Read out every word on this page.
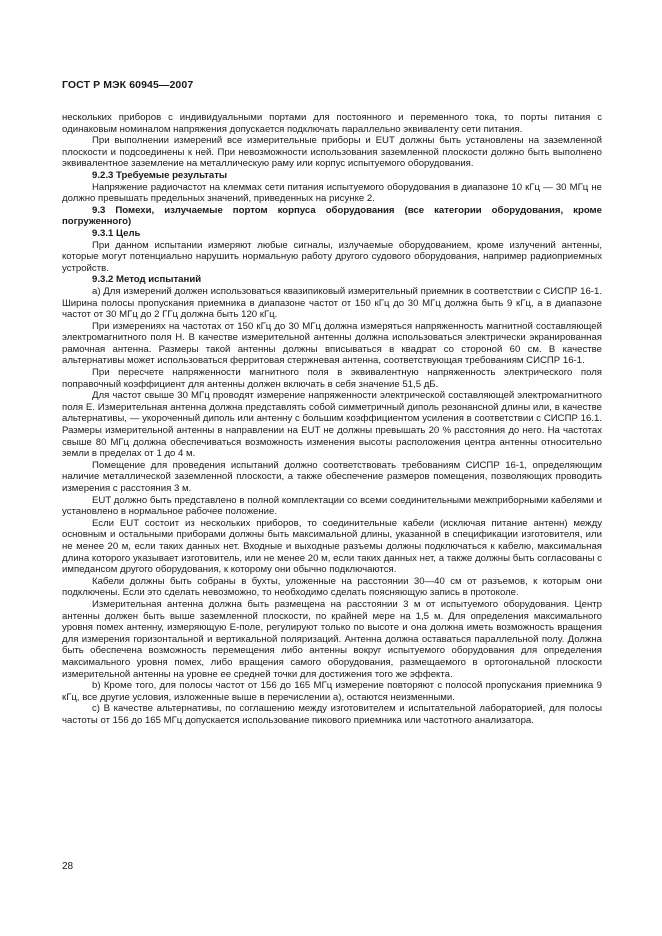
ГОСТ Р МЭК 60945—2007

нескольких приборов с индивидуальными портами для постоянного и переменного тока, то порты питания с одинаковым номиналом напряжения допускается подключать параллельно эквиваленту сети питания.

При выполнении измерений все измерительные приборы и EUT должны быть установлены на заземленной плоскости и подсоединены к ней. При невозможности использования заземленной плоскости должно быть выполнено эквивалентное заземление на металлическую раму или корпус испытуемого оборудования.

9.2.3 Требуемые результаты

Напряжение радиочастот на клеммах сети питания испытуемого оборудования в диапазоне 10 кГц — 30 МГц не должно превышать предельных значений, приведенных на рисунке 2.

9.3 Помехи, излучаемые портом корпуса оборудования (все категории оборудования, кроме погруженного)

9.3.1 Цель

При данном испытании измеряют любые сигналы, излучаемые оборудованием, кроме излучений антенны, которые могут потенциально нарушить нормальную работу другого судового оборудования, например радиоприемных устройств.

9.3.2 Метод испытаний

а) Для измерений должен использоваться квазипиковый измерительный приемник в соответствии с СИСПР 16-1. Ширина полосы пропускания приемника в диапазоне частот от 150 кГц до 30 МГц должна быть 9 кГц, а в диапазоне частот от 30 МГц до 2 ГГц должна быть 120 кГц.

При измерениях на частотах от 150 кГц до 30 МГц должна измеряться напряженность магнитной составляющей электромагнитного поля H. В качестве измерительной антенны должна использоваться электрически экранированная рамочная антенна. Размеры такой антенны должны вписываться в квадрат со стороной 60 см. В качестве альтернативы может использоваться ферритовая стержневая антенна, соответствующая требованиям СИСПР 16-1.

При пересчете напряженности магнитного поля в эквивалентную напряженность электрического поля поправочный коэффициент для антенны должен включать в себя значение 51,5 дБ.

Для частот свыше 30 МГц проводят измерение напряженности электрической составляющей электромагнитного поля E. Измерительная антенна должна представлять собой симметричный диполь резонансной длины или, в качестве альтернативы, — укороченный диполь или антенну с большим коэффициентом усиления в соответствии с СИСПР 16.1. Размеры измерительной антенны в направлении на EUT не должны превышать 20 % расстояния до него. На частотах свыше 80 МГц должна обеспечиваться возможность изменения высоты расположения центра антенны относительно земли в пределах от 1 до 4 м.

Помещение для проведения испытаний должно соответствовать требованиям СИСПР 16-1, определяющим наличие металлической заземленной плоскости, а также обеспечение размеров помещения, позволяющих проводить измерения с расстояния 3 м.

EUT должно быть представлено в полной комплектации со всеми соединительными межприборными кабелями и установлено в нормальное рабочее положение.

Если EUT состоит из нескольких приборов, то соединительные кабели (исключая питание антенн) между основным и остальными приборами должны быть максимальной длины, указанной в спецификации изготовителя, или не менее 20 м, если таких данных нет. Входные и выходные разъемы должны подключаться к кабелю, максимальная длина которого указывает изготовитель, или не менее 20 м, если таких данных нет, а также должны быть согласованы с импедансом другого оборудования, к которому они обычно подключаются.

Кабели должны быть собраны в бухты, уложенные на расстоянии 30—40 см от разъемов, к которым они подключены. Если это сделать невозможно, то необходимо сделать поясняющую запись в протоколе.

Измерительная антенна должна быть размещена на расстоянии 3 м от испытуемого оборудования. Центр антенны должен быть выше заземленной плоскости, по крайней мере на 1,5 м. Для определения максимального уровня помех антенну, измеряющую E-поле, регулируют только по высоте и она должна иметь возможность вращения для измерения горизонтальной и вертикальной поляризаций. Антенна должна оставаться параллельной полу. Должна быть обеспечена возможность перемещения либо антенны вокруг испытуемого оборудования для определения максимального уровня помех, либо вращения самого оборудования, размещаемого в ортогональной плоскости измерительной антенны на уровне ее средней точки для достижения того же эффекта.

b) Кроме того, для полосы частот от 156 до 165 МГц измерение повторяют с полосой пропускания приемника 9 кГц, все другие условия, изложенные выше в перечислении а), остаются неизменными.

c) В качестве альтернативы, по соглашению между изготовителем и испытательной лабораторией, для полосы частоты от 156 до 165 МГц допускается использование пикового приемника или частотного анализатора.

28
